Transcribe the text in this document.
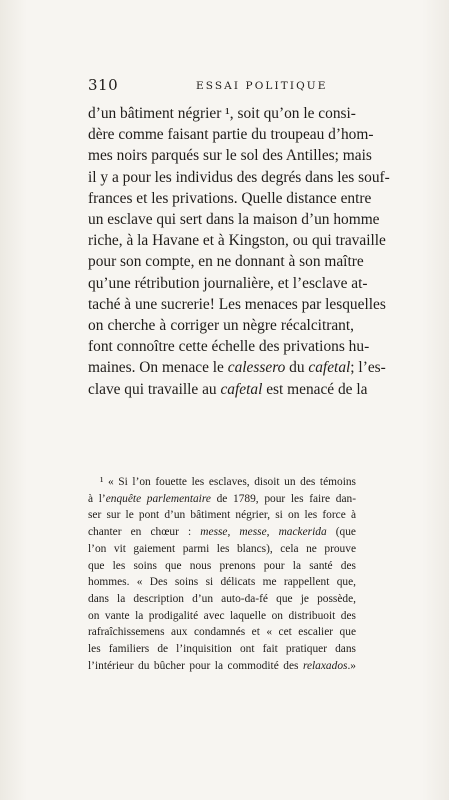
310	ESSAI POLITIQUE
d’un bâtiment négrier ¹, soit qu’on le consi-
dère comme faisant partie du troupeau d’hom-
mes noirs parqués sur le sol des Antilles; mais
il y a pour les individus des degrés dans les souf-
frances et les privations. Quelle distance entre
un esclave qui sert dans la maison d’un homme
riche, à la Havane et à Kingston, ou qui travaille
pour son compte, en ne donnant à son maître
qu’une rétribution journalière, et l’esclave at-
taché à une sucrerie! Les menaces par lesquelles
on cherche à corriger un nègre récalcitrant,
font connoître cette échelle des privations hu-
maines. On menace le calessero du cafetal; l’es-
clave qui travaille au cafetal est menacé de la
¹ « Si l’on fouette les esclaves, disoit un des témoins
à l’enquête parlementaire de 1789, pour les faire dan-
ser sur le pont d’un bâtiment négrier, si on les force à
chanter en chœur : messe, messe, mackerida (que
l’on vit gaiement parmi les blancs), cela ne prouve
que les soins que nous prenons pour la santé des
hommes. « Des soins si délicats me rappellent que,
dans la description d’un auto-da-fé que je possède,
on vante la prodigalité avec laquelle on distribuoit des
rafraîchissemens aux condamnés et « cet escalier que
les familiers de l’inquisition ont fait pratiquer dans
l’intérieur du bûcher pour la commodité des relaxados.»
